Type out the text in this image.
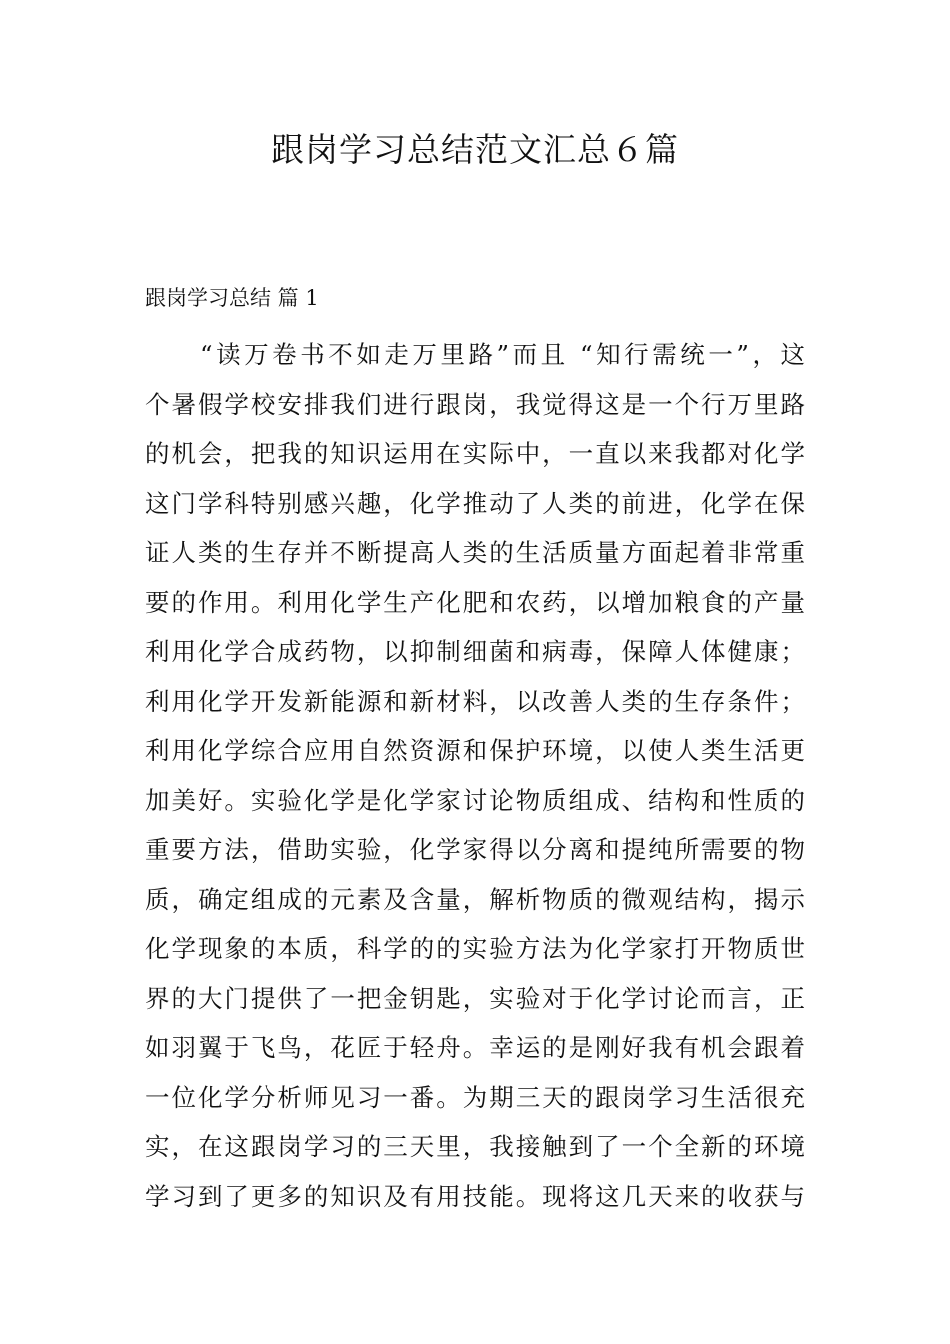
跟岗学习总结范文汇总６篇
跟岗学习总结 篇 1
“读万卷书不如走万里路”而且 “知行需统一”，这
个暑假学校安排我们进行跟岗，我觉得这是一个行万里路
的机会，把我的知识运用在实际中，一直以来我都对化学
这门学科特别感兴趣，化学推动了人类的前进，化学在保
证人类的生存并不断提高人类的生活质量方面起着非常重
要的作用。利用化学生产化肥和农药，以增加粮食的产量
利用化学合成药物，以抑制细菌和病毒，保障人体健康；
利用化学开发新能源和新材料，以改善人类的生存条件；
利用化学综合应用自然资源和保护环境，以使人类生活更
加美好。实验化学是化学家讨论物质组成、结构和性质的
重要方法，借助实验，化学家得以分离和提纯所需要的物
质，确定组成的元素及含量，解析物质的微观结构，揭示
化学现象的本质，科学的的实验方法为化学家打开物质世
界的大门提供了一把金钥匙，实验对于化学讨论而言，正
如羽翼于飞鸟，花匠于轻舟。幸运的是刚好我有机会跟着
一位化学分析师见习一番。为期三天的跟岗学习生活很充
实，在这跟岗学习的三天里，我接触到了一个全新的环境
学习到了更多的知识及有用技能。现将这几天来的收获与
